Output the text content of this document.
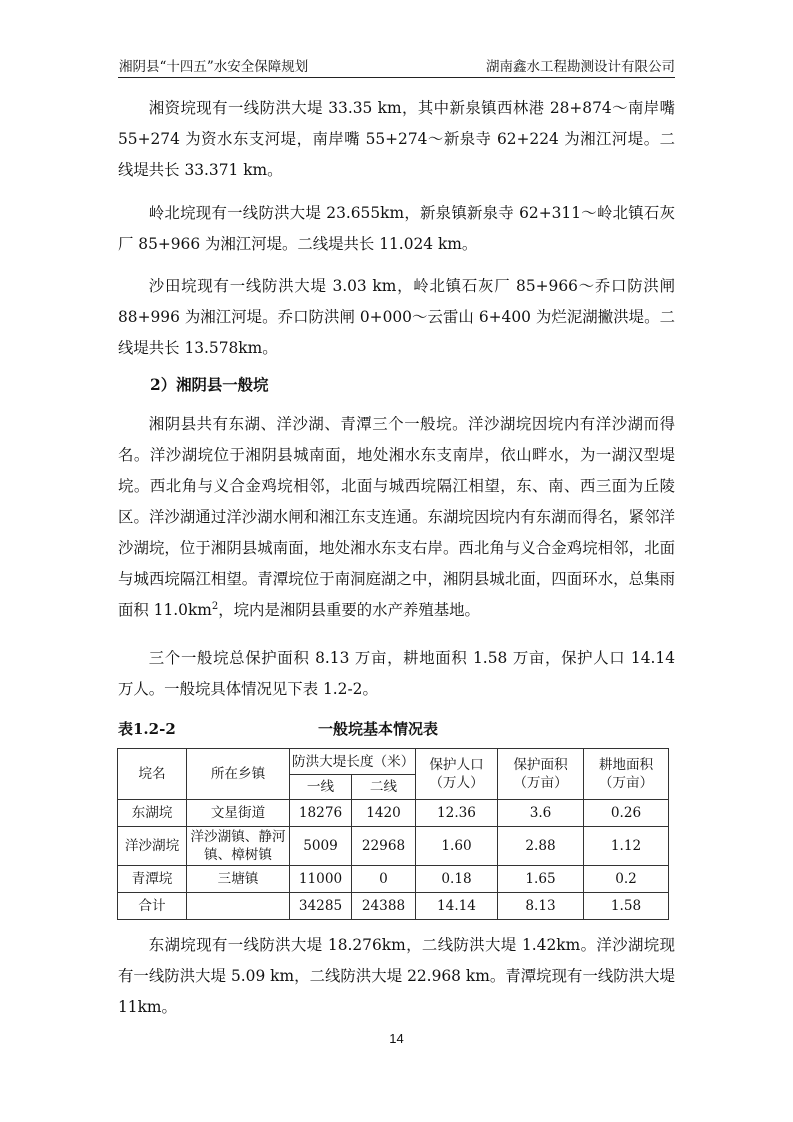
湘阴县“十四五”水安全保障规划	湖南鑫水工程勘测设计有限公司

湘资垸现有一线防洪大堤 33.35 km，其中新泉镇西林港 28+874～南岸嘴 55+274 为资水东支河堤，南岸嘴 55+274～新泉寺 62+224 为湘江河堤。二线堤共长 33.371 km。

岭北垸现有一线防洪大堤 23.655km，新泉镇新泉寺 62+311～岭北镇石灰厂 85+966 为湘江河堤。二线堤共长 11.024 km。

沙田垸现有一线防洪大堤 3.03 km，岭北镇石灰厂 85+966～乔口防洪闸 88+996 为湘江河堤。乔口防洪闸 0+000～云雷山 6+400 为烂泥湖撇洪堤。二线堤共长 13.578km。

2）湘阴县一般垸

湘阴县共有东湖、洋沙湖、青潭三个一般垸。洋沙湖垸因垸内有洋沙湖而得名。洋沙湖垸位于湘阴县城南面，地处湘水东支南岸，依山畔水，为一湖汉型堤垸。西北角与义合金鸡垸相邻，北面与城西垸隔江相望，东、南、西三面为丘陵区。洋沙湖通过洋沙湖水闸和湘江东支连通。东湖垸因垸内有东湖而得名，紧邻洋沙湖垸，位于湘阴县城南面，地处湘水东支右岸。西北角与义合金鸡垸相邻，北面与城西垸隔江相望。青潭垸位于南洞庭湖之中，湘阴县城北面，四面环水，总集雨面积 $11.0km^2$，垸内是湘阴县重要的水产养殖基地。

三个一般垸总保护面积 8.13 万亩，耕地面积 1.58 万亩，保护人口 14.14 万人。一般垸具体情况见下表 1.2-2。

表1.2-2	一般垸基本情况表
垸名	所在乡镇	防洪大堤长度（米）		保护人口（万人）	保护面积（万亩）	耕地面积（万亩）
		一线	二线			
东湖垸	文星街道	18276	1420	12.36	3.6	0.26
洋沙湖垸	洋沙湖镇、静河镇、樟树镇	5009	22968	1.60	2.88	1.12
青潭垸	三塘镇	11000	0	0.18	1.65	0.2
合计		34285	24388	14.14	8.13	1.58

东湖垸现有一线防洪大堤 18.276km，二线防洪大堤 1.42km。洋沙湖垸现有一线防洪大堤 5.09 km，二线防洪大堤 22.968 km。青潭垸现有一线防洪大堤 11km。

14
